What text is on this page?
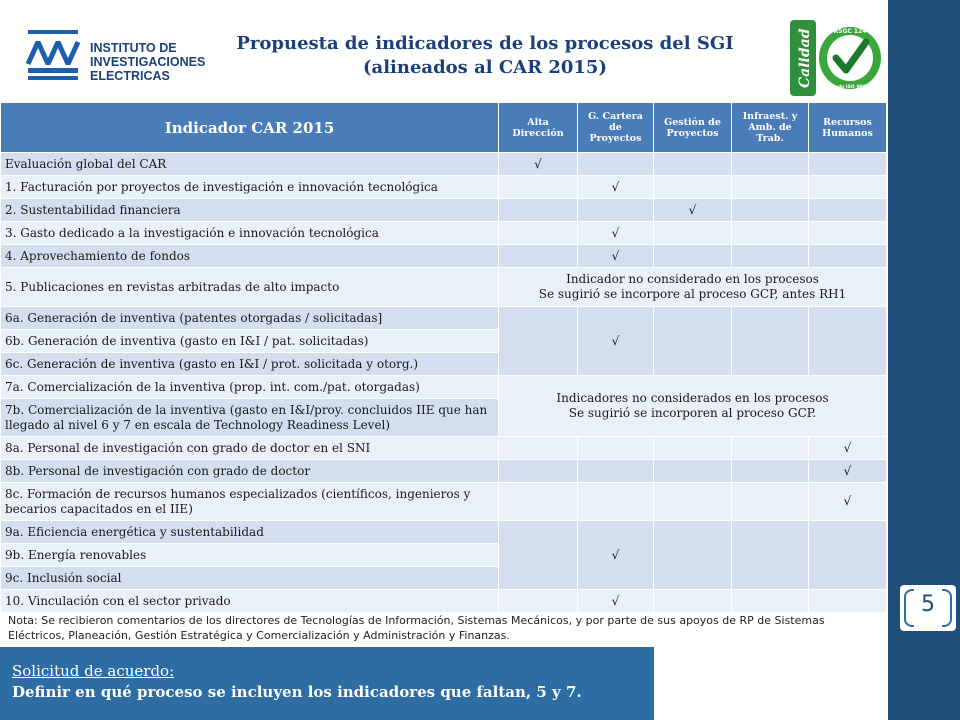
5
INSTITUTO DE
INVESTIGACIONES
ELECTRICAS
Propuesta de indicadores de los procesos del SGI
(alineados al CAR 2015)	Calidad	RSGC 124
Certificado ISO 9001:2008
Indicador CAR 2015	Alta Dirección	G. Cartera de Proyectos	Gestión de Proyectos	Infraest. y Amb. de Trab.	Recursos Humanos
Evaluación global del CAR	√				
1. Facturación por proyectos de investigación e innovación tecnológica		√			
2. Sustentabilidad financiera			√		
3. Gasto dedicado a la investigación e innovación tecnológica		√			
4. Aprovechamiento de fondos		√			
5. Publicaciones en revistas arbitradas de alto impacto	Indicador no considerado en los procesos
Se sugirió se incorpore al proceso GCP, antes RH1				

6a. Generación de inventiva (patentes otorgadas / solicitadas]		√			
6b. Generación de inventiva (gasto en I&I / pat. solicitadas)					
6c. Generación de inventiva (gasto en I&I / prot. solicitada y otorg.)					
7a. Comercialización de la inventiva (prop. int. com./pat. otorgadas)	Indicadores no considerados en los procesos
Se sugirió se incorporen al proceso GCP.				

7b. Comercialización de la inventiva (gasto en I&I/proy. concluidos IIE que han llegado al nivel 6 y 7 en escala de Technology Readiness Level)					
8a. Personal de investigación con grado de doctor en el SNI					√
8b. Personal de investigación con grado de doctor					√
8c. Formación de recursos humanos especializados (científicos, ingenieros y becarios capacitados en el IIE)					√
9a. Eficiencia energética y sustentabilidad		√			
9b. Energía renovables					
9c. Inclusión social					
10. Vinculación con el sector privado		√			
Nota: Se recibieron comentarios de los directores de Tecnologías de Información, Sistemas Mecánicos, y por parte de sus apoyos de RP de Sistemas Eléctricos, Planeación, Gestión Estratégica y Comercialización y Administración y Finanzas.
Solicitud de acuerdo:
Definir en qué proceso se incluyen los indicadores que faltan, 5 y 7.
